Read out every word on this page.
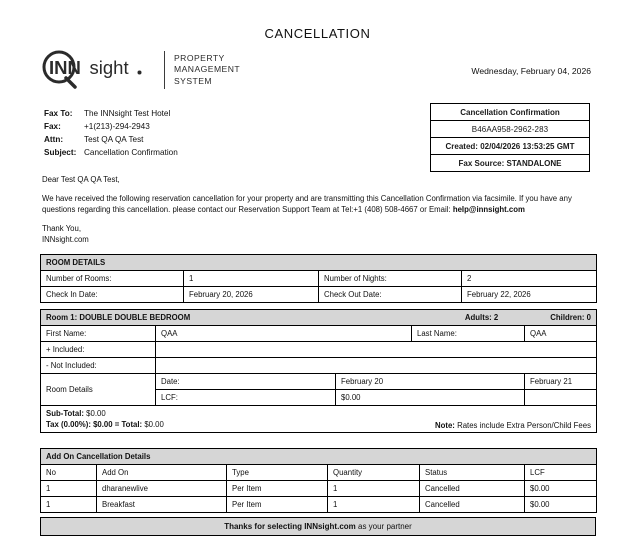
CANCELLATION
INN sight	PROPERTY
MANAGEMENT
SYSTEM
Wednesday, February 04, 2026
Fax To:	The INNsight Test Hotel
Fax:	+1(213)-294-2943
Attn:	Test QA QA Test
Subject: Cancellation Confirmation
Cancellation Confirmation
B46AA958-2962-283
Created: 02/04/2026 13:53:25 GMT
Fax Source: STANDALONE

Dear Test QA QA Test,

We have received the following reservation cancellation for your property and are transmitting this Cancellation Confirmation via facsimile. If you have any questions regarding this cancellation. please contact our Reservation Support Team at Tel:+1 (408) 508-4667 or Email: help@innsight.com

Thank You,

INNsight.com

ROOM DETAILS			
Number of Rooms:	1	Number of Nights:	2
Check In Date:	February 20, 2026	Check Out Date:	February 22, 2026
Room 1: DOUBLE DOUBLE BEDROOM Adults: 2 Children: 0				

First Name:	QAA		Last Name:	QAA
+ Included:				
- Not Included:				
Room Details	Date:	February 20		February 21
	LCF:	$0.00		

Sub-Total: $0.00
Tax (0.00%): $0.00 = Total: $0.00 Note: Rates include Extra Person/Child Fees				
Add On Cancellation Details					
No	Add On	Type	Quantity	Status	LCF
1	dharanewlive	Per Item	1	Cancelled	$0.00
1	Breakfast	Per Item	1	Cancelled	$0.00
Thanks for selecting INNsight.com as your partner
